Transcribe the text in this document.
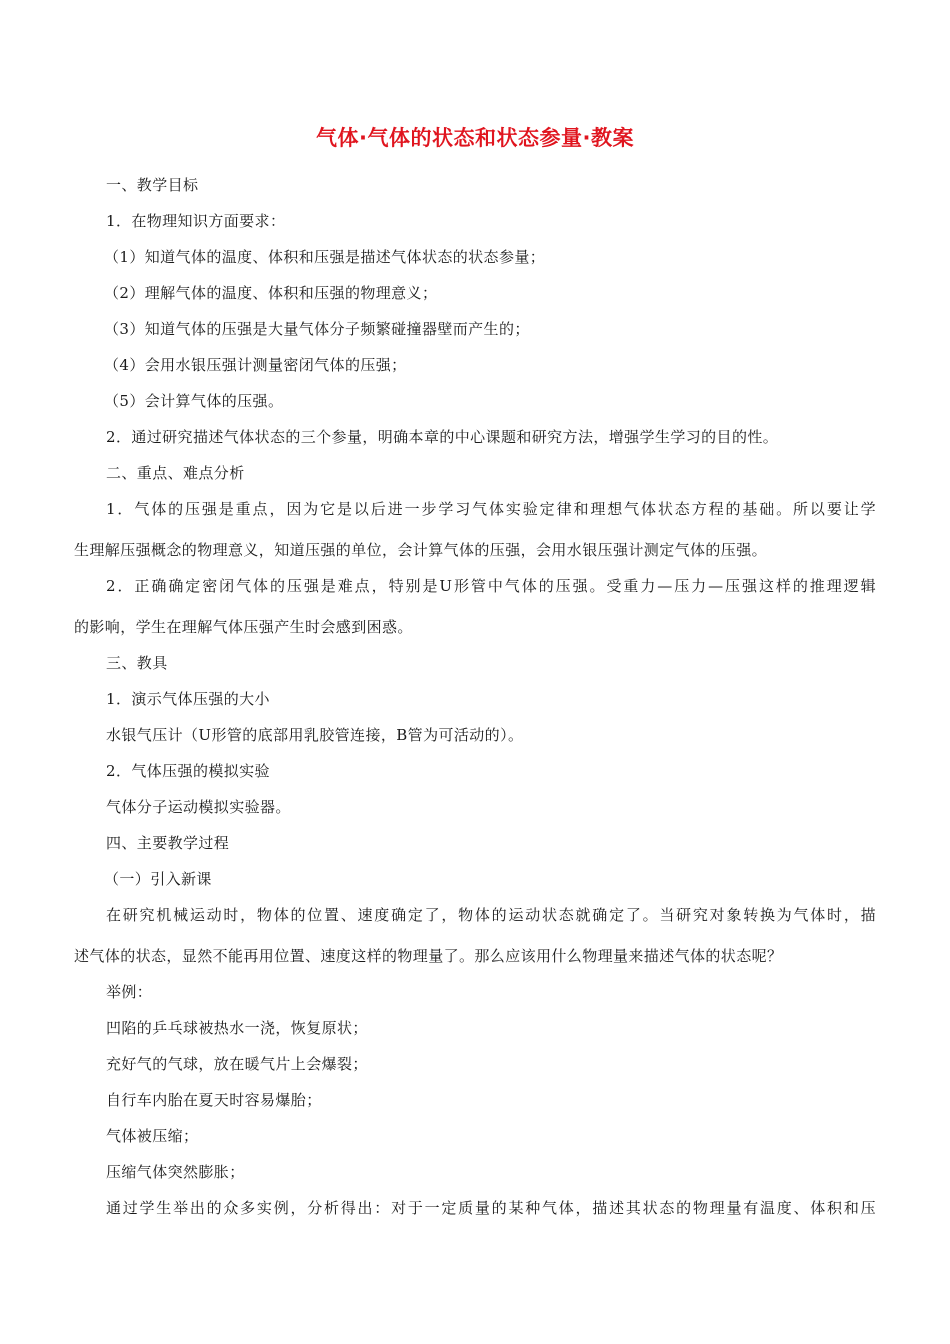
气体·气体的状态和状态参量·教案
一、教学目标
1．在物理知识方面要求：
（1）知道气体的温度、体积和压强是描述气体状态的状态参量；
（2）理解气体的温度、体积和压强的物理意义；
（3）知道气体的压强是大量气体分子频繁碰撞器壁而产生的；
（4）会用水银压强计测量密闭气体的压强；
（5）会计算气体的压强。
2．通过研究描述气体状态的三个参量，明确本章的中心课题和研究方法，增强学生学习的目的性。
二、重点、难点分析
1．气体的压强是重点，因为它是以后进一步学习气体实验定律和理想气体状态方程的基础。所以要让学
生理解压强概念的物理意义，知道压强的单位，会计算气体的压强，会用水银压强计测定气体的压强。
2．正确确定密闭气体的压强是难点，特别是U形管中气体的压强。受重力—压力—压强这样的推理逻辑
的影响，学生在理解气体压强产生时会感到困惑。
三、教具
1．演示气体压强的大小
水银气压计（U形管的底部用乳胶管连接，B管为可活动的）。
2．气体压强的模拟实验
气体分子运动模拟实验器。
四、主要教学过程
（一）引入新课
在研究机械运动时，物体的位置、速度确定了，物体的运动状态就确定了。当研究对象转换为气体时，描
述气体的状态，显然不能再用位置、速度这样的物理量了。那么应该用什么物理量来描述气体的状态呢？
举例：
凹陷的乒乓球被热水一浇，恢复原状；
充好气的气球，放在暖气片上会爆裂；
自行车内胎在夏天时容易爆胎；
气体被压缩；
压缩气体突然膨胀；
通过学生举出的众多实例，分析得出：对于一定质量的某种气体，描述其状态的物理量有温度、体积和压
